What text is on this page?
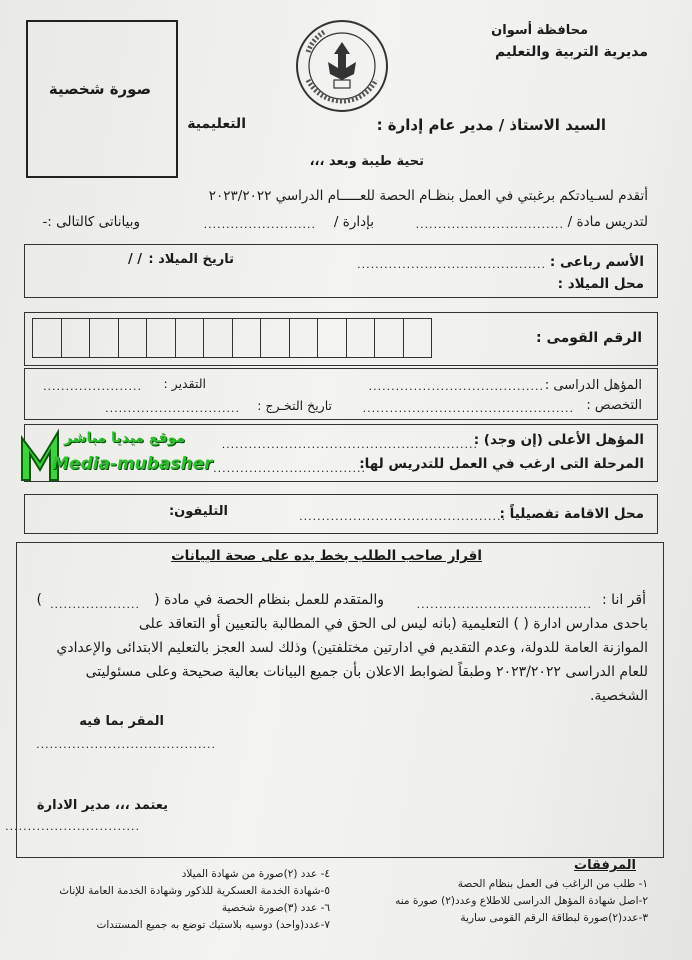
محافظة أسوان
مديرية التربية والتعليم
صورة شخصية
السيد الاستاذ / مدير عام إدارة :
التعليمية
تحية طيبة وبعد ،،،
أتقدم لسـيادتكم برغبتي في العمل بنظـام الحصة للعـــــام الدراسي ٢٠٢٣/٢٠٢٢
لتدريس مادة /
.................................
بإدارة /
.........................
وبياناتى كالتالى :-
الأسم رباعى :
..........................................
تاريخ الميلاد :
/ /
محل الميلاد :
الرقم القومى :
المؤهل الدراسى :
.......................................
التقدير :
......................
التخصص :
...............................................
تاريخ التخـرج :
..............................
المؤهل الأعلى (إن وجد) :
.........................................................
المرحلة التى ارغب في العمل للتدريس لها:
..................................
محل الاقامة تفصيلياً :
..............................................
التليفون:
اقرار صاحب الطلب بخط يده على صحة البيانات
أقر انا :
.......................................
والمتقدم للعمل بنظام الحصة في مادة (
....................
)
باحدى مدارس ادارة ( ) التعليمية (بانه ليس لى الحق في المطالبة بالتعيين أو التعاقد على
الموازنة العامة للدولة، وعدم التقديم في ادارتين مختلفتين) وذلك لسد العجز بالتعليم الابتدائى والإعدادي
للعام الدراسى ٢٠٢٣/٢٠٢٢ وطبقاً لضوابط الاعلان بأن جميع البيانات بعالية صحيحة وعلى مسئوليتى
الشخصية.
المقر بما فيه
........................................
يعتمد ،،، مدير الادارة
..............................
المرفقات
١- طلب من الراغب فى العمل بنظام الحصة
٢-اصل شهادة المؤهل الدراسى للاطلاع وعدد(٢) صورة منه
٣-عدد(٢)صورة لبطاقة الرقم القومى سارية
٤- عدد (٢)صورة من شهادة الميلاد
٥-شهادة الخدمة العسكرية للذكور وشهادة الخدمة العامة للإناث
٦- عدد (٣)صورة شخصية
٧-عدد(واحد) دوسيه بلاستيك توضع به جميع المستندات
موقع ميديا مباشر
Media-mubasher
